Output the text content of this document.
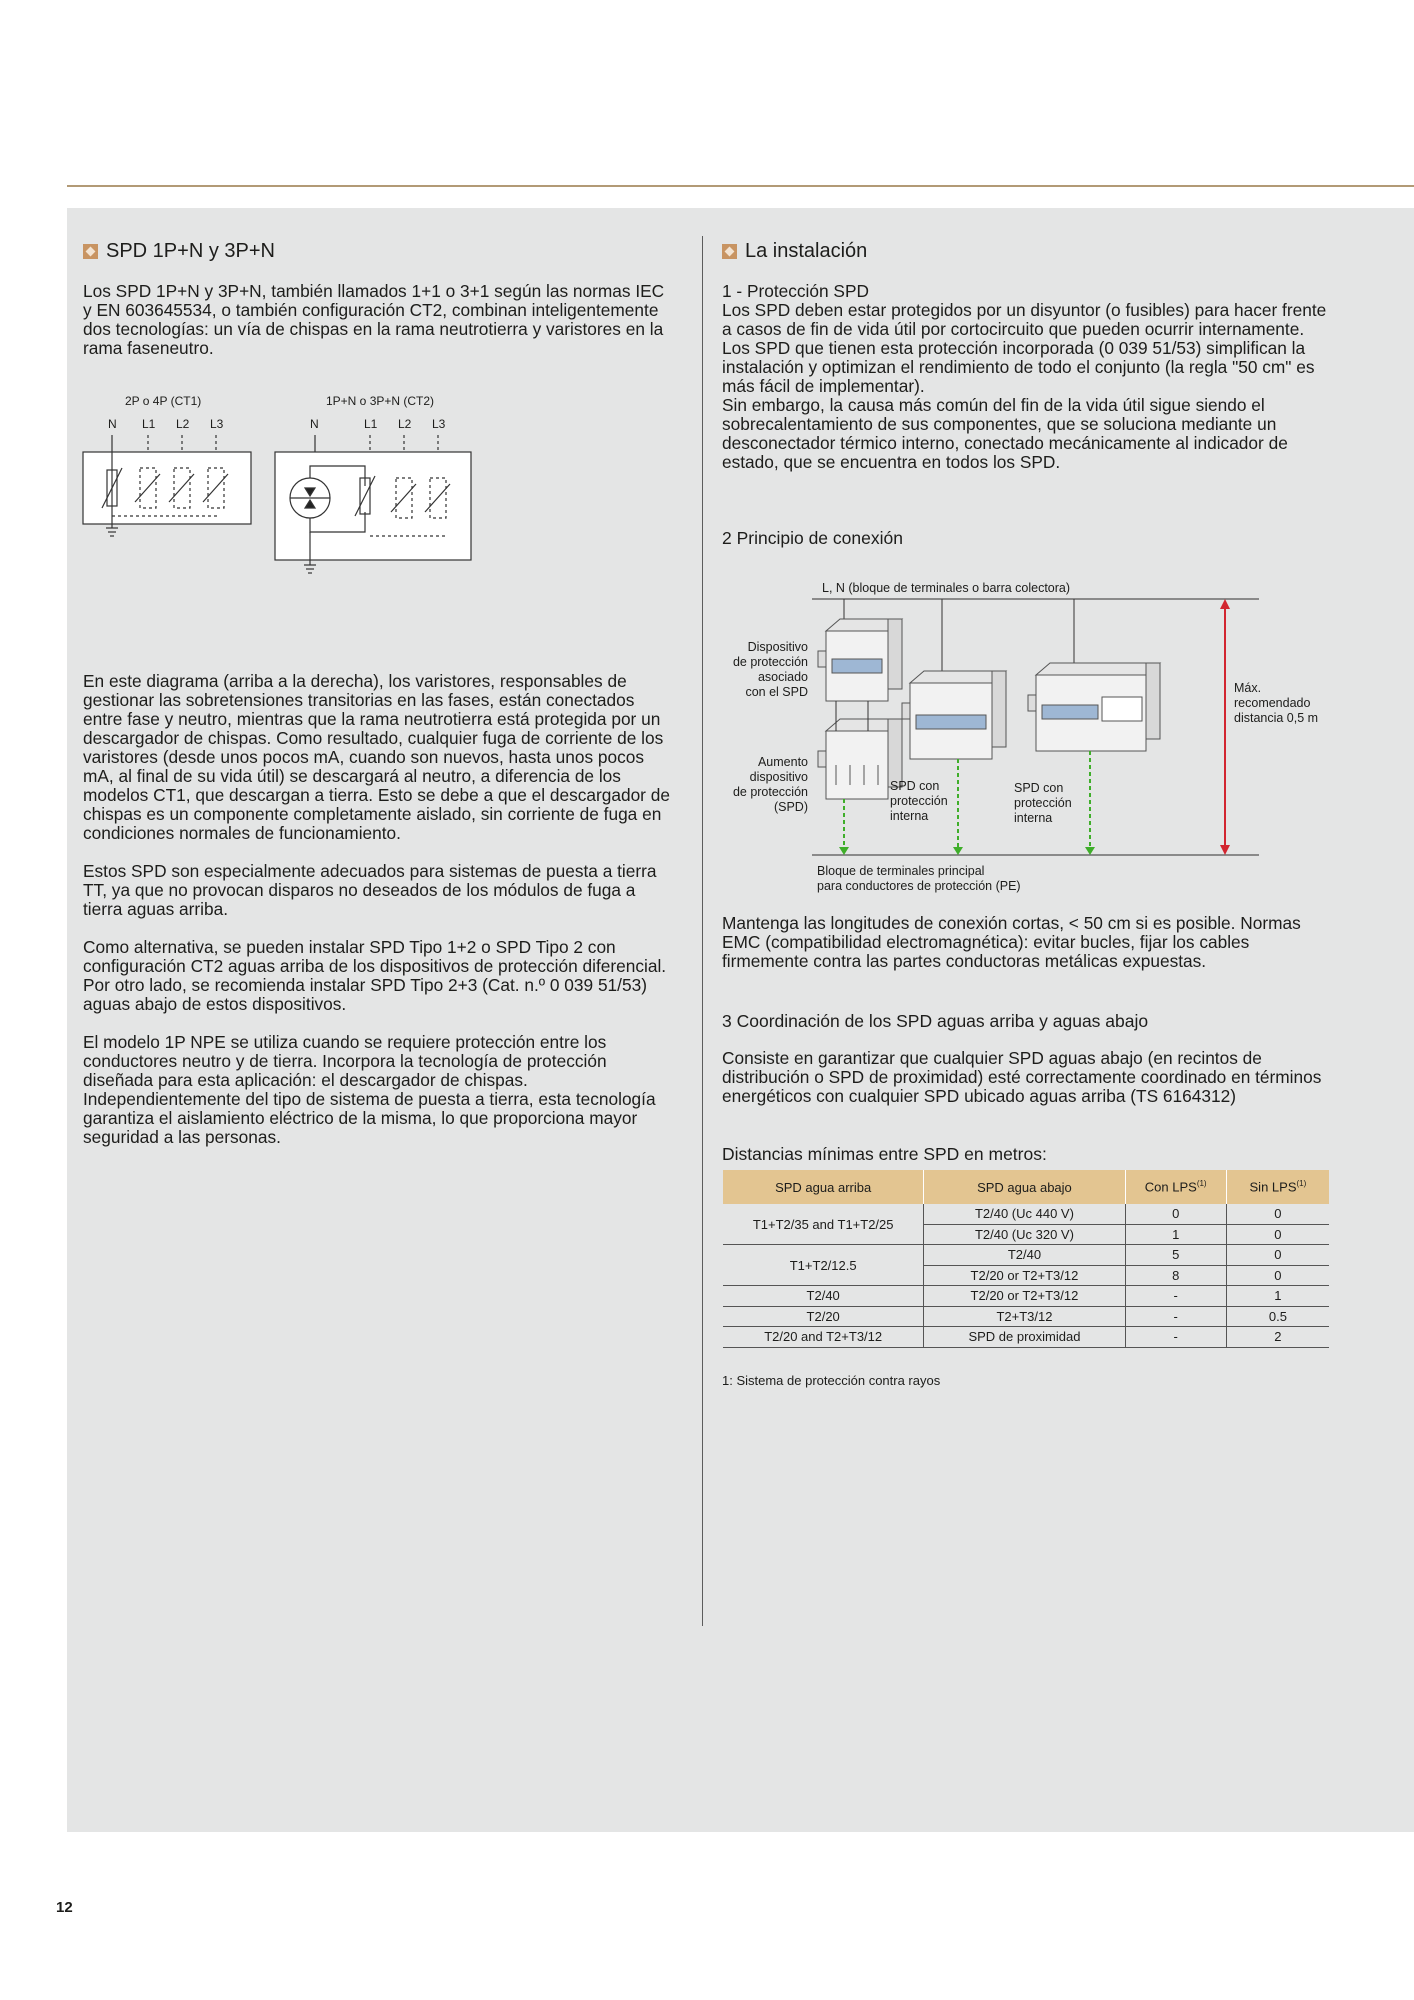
SPD 1P+N y 3P+N

Los SPD 1P+N y 3P+N, también llamados 1+1 o 3+1 según las normas IEC y EN 603645534, o también configuración CT2, combinan inteligentemente dos tecnologías: un vía de chispas en la rama neutrotierra y varistores en la rama faseneutro.

2P o 4P (CT1)	1P+N o 3P+N (CT2)
N L1 L2 L3	N	L1 L2 L3

En este diagrama (arriba a la derecha), los varistores, responsables de gestionar las sobretensiones transitorias en las fases, están conectados entre fase y neutro, mientras que la rama neutrotierra está protegida por un descargador de chispas. Como resultado, cualquier fuga de corriente de los varistores (desde unos pocos mA, cuando son nuevos, hasta unos pocos mA, al final de su vida útil) se descargará al neutro, a diferencia de los modelos CT1, que descargan a tierra. Esto se debe a que el descargador de chispas es un componente completamente aislado, sin corriente de fuga en condiciones normales de funcionamiento.

Estos SPD son especialmente adecuados para sistemas de puesta a tierra TT, ya que no provocan disparos no deseados de los módulos de fuga a tierra aguas arriba.

Como alternativa, se pueden instalar SPD Tipo 1+2 o SPD Tipo 2 con configuración CT2 aguas arriba de los dispositivos de protección diferencial. Por otro lado, se recomienda instalar SPD Tipo 2+3 (Cat. n.º 0 039 51/53) aguas abajo de estos dispositivos.

El modelo 1P NPE se utiliza cuando se requiere protección entre los conductores neutro y de tierra. Incorpora la tecnología de protección diseñada para esta aplicación: el descargador de chispas. Independientemente del tipo de sistema de puesta a tierra, esta tecnología garantiza el aislamiento eléctrico de la misma, lo que proporciona mayor seguridad a las personas.

La instalación

1 - Protección SPD

Los SPD deben estar protegidos por un disyuntor (o fusibles) para hacer frente a casos de fin de vida útil por cortocircuito que pueden ocurrir internamente.

Los SPD que tienen esta protección incorporada (0 039 51/53) simplifican la instalación y optimizan el rendimiento de todo el conjunto (la regla "50 cm" es más fácil de implementar).

Sin embargo, la causa más común del fin de la vida útil sigue siendo el sobrecalentamiento de sus componentes, que se soluciona mediante un desconectador térmico interno, conectado mecánicamente al indicador de estado, que se encuentra en todos los SPD.

2 Principio de conexión
L, N (bloque de terminales o barra colectora)
Bloque de terminales principal
para conductores de protección (PE)
Dispositivo
de protección
asociado
con el SPD
Aumento
dispositivo
de protección
(SPD)
SPD con
protección
interna
SPD con
protección
interna
Máx.
recomendado
distancia 0,5 m
Mantenga las longitudes de conexión cortas, < 50 cm si es posible. Normas EMC (compatibilidad electromagnética): evitar bucles, fijar los cables firmemente contra las partes conductoras metálicas expuestas.
3 Coordinación de los SPD aguas arriba y aguas abajo
Consiste en garantizar que cualquier SPD aguas abajo (en recintos de distribución o SPD de proximidad) esté correctamente coordinado en términos energéticos con cualquier SPD ubicado aguas arriba (TS 6164312)
Distancias mínimas entre SPD en metros:
SPD agua arriba	SPD agua abajo	Con LPS$^{(1)}$	Sin LPS$^{(1)}$
T1+T2/35 and T1+T2/25	T2/40 (Uc 440 V)	0	0
	T2/40 (Uc 320 V)	1	0
T1+T2/12.5	T2/40	5	0
	T2/20 or T2+T3/12	8	0
T2/40	T2/20 or T2+T3/12	-	1
T2/20	T2+T3/12	-	0.5
T2/20 and T2+T3/12	SPD de proximidad	-	2
1: Sistema de protección contra rayos
12
